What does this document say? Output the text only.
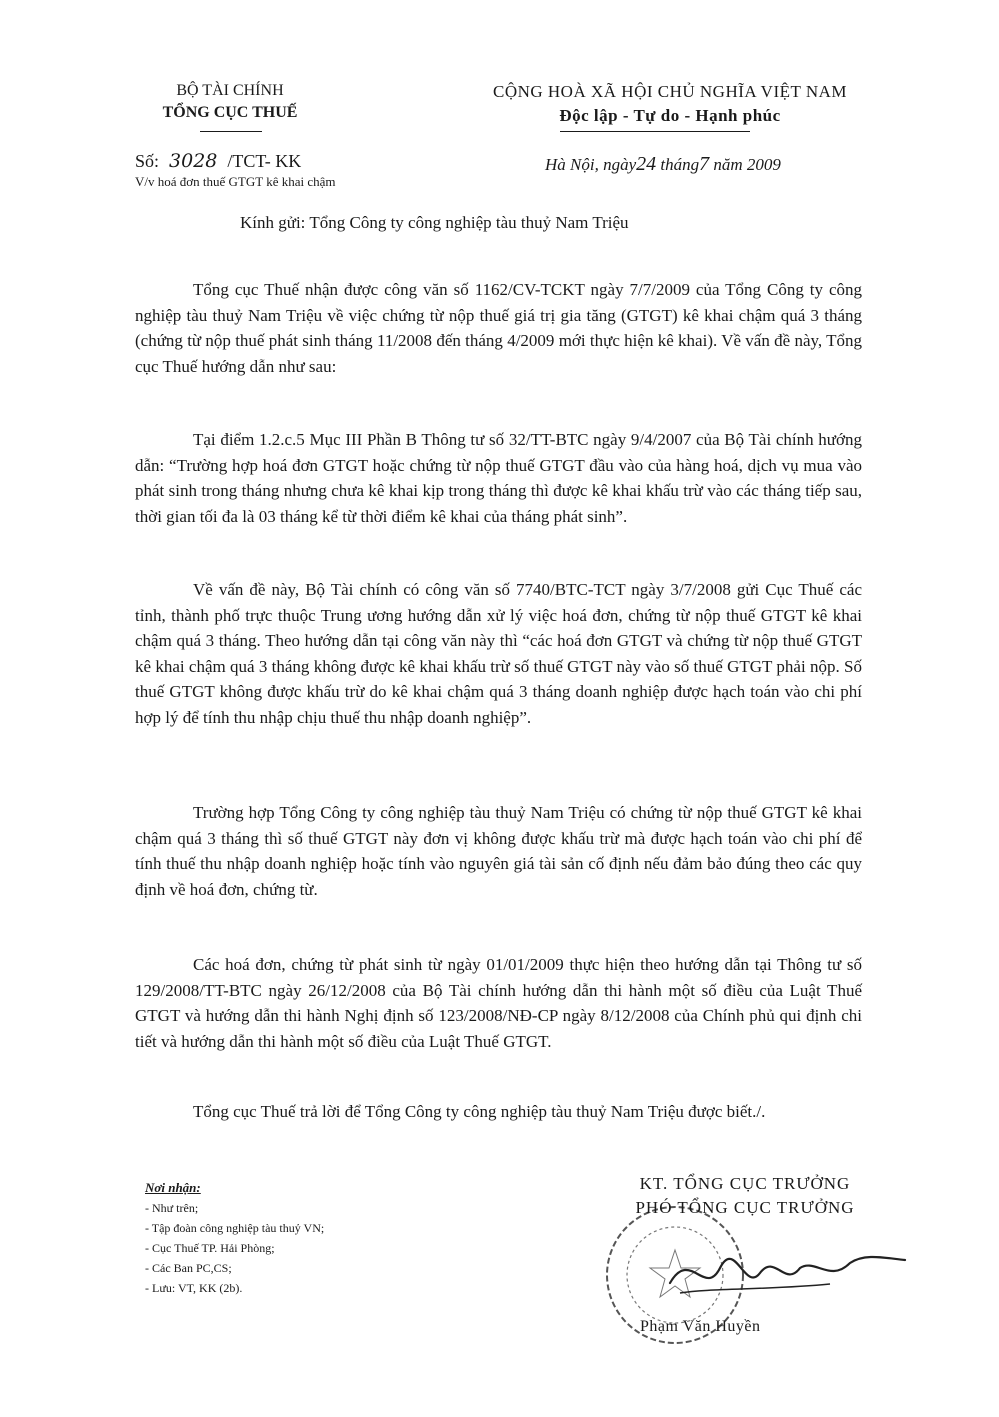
BỘ TÀI CHÍNH
TỔNG CỤC THUẾ
CỘNG HOÀ XÃ HỘI CHỦ NGHĨA VIỆT NAM
Độc lập - Tự do - Hạnh phúc
Số: 3028 /TCT- KK
V/v hoá đơn thuế GTGT kê khai chậm
Hà Nội, ngày24 tháng7 năm 2009
Kính gửi: Tổng Công ty công nghiệp tàu thuỷ Nam Triệu
Tổng cục Thuế nhận được công văn số 1162/CV-TCKT ngày 7/7/2009 của Tổng Công ty công nghiệp tàu thuỷ Nam Triệu về việc chứng từ nộp thuế giá trị gia tăng (GTGT) kê khai chậm quá 3 tháng (chứng từ nộp thuế phát sinh tháng 11/2008 đến tháng 4/2009 mới thực hiện kê khai). Về vấn đề này, Tổng cục Thuế hướng dẫn như sau:
Tại điểm 1.2.c.5 Mục III Phần B Thông tư số 32/TT-BTC ngày 9/4/2007 của Bộ Tài chính hướng dẫn: “Trường hợp hoá đơn GTGT hoặc chứng từ nộp thuế GTGT đầu vào của hàng hoá, dịch vụ mua vào phát sinh trong tháng nhưng chưa kê khai kịp trong tháng thì được kê khai khấu trừ vào các tháng tiếp sau, thời gian tối đa là 03 tháng kể từ thời điểm kê khai của tháng phát sinh”.
Về vấn đề này, Bộ Tài chính có công văn số 7740/BTC-TCT ngày 3/7/2008 gửi Cục Thuế các tỉnh, thành phố trực thuộc Trung ương hướng dẫn xử lý việc hoá đơn, chứng từ nộp thuế GTGT kê khai chậm quá 3 tháng. Theo hướng dẫn tại công văn này thì “các hoá đơn GTGT và chứng từ nộp thuế GTGT kê khai chậm quá 3 tháng không được kê khai khấu trừ số thuế GTGT này vào số thuế GTGT phải nộp. Số thuế GTGT không được khấu trừ do kê khai chậm quá 3 tháng doanh nghiệp được hạch toán vào chi phí hợp lý để tính thu nhập chịu thuế thu nhập doanh nghiệp”.
Trường hợp Tổng Công ty công nghiệp tàu thuỷ Nam Triệu có chứng từ nộp thuế GTGT kê khai chậm quá 3 tháng thì số thuế GTGT này đơn vị không được khấu trừ mà được hạch toán vào chi phí để tính thuế thu nhập doanh nghiệp hoặc tính vào nguyên giá tài sản cố định nếu đảm bảo đúng theo các quy định về hoá đơn, chứng từ.
Các hoá đơn, chứng từ phát sinh từ ngày 01/01/2009 thực hiện theo hướng dẫn tại Thông tư số 129/2008/TT-BTC ngày 26/12/2008 của Bộ Tài chính hướng dẫn thi hành một số điều của Luật Thuế GTGT và hướng dẫn thi hành Nghị định số 123/2008/NĐ-CP ngày 8/12/2008 của Chính phủ qui định chi tiết và hướng dẫn thi hành một số điều của Luật Thuế GTGT.
Tổng cục Thuế trả lời để Tổng Công ty công nghiệp tàu thuỷ Nam Triệu được biết./.
Nơi nhận:
- Như trên;
- Tập đoàn công nghiệp tàu thuỷ VN;
- Cục Thuế TP. Hải Phòng;
- Các Ban PC,CS;
- Lưu: VT, KK (2b).
KT. TỔNG CỤC TRƯỞNG
PHÓ TỔNG CỤC TRƯỞNG
Phạm Văn Huyền
